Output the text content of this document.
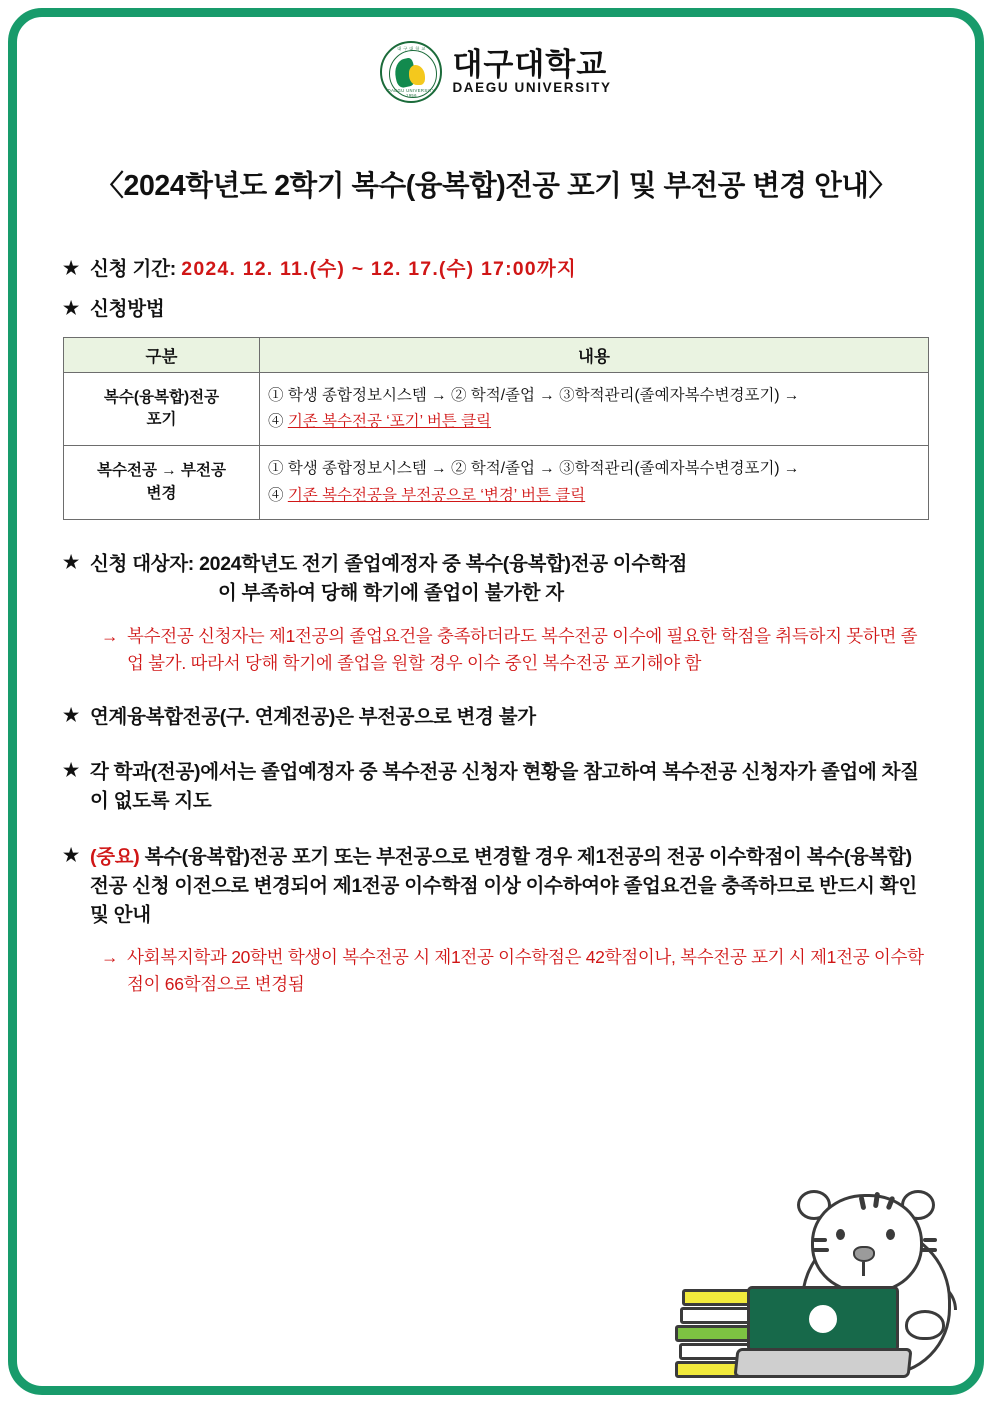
대 구 대 학 교
DAEGU UNIVERSITY 1956
대구대학교
DAEGU UNIVERSITY
〈2024학년도 2학기 복수(융복합)전공 포기 및 부전공 변경 안내〉
★ 신청 기간: 2024. 12. 11.(수) ~ 12. 17.(수) 17:00까지
★ 신청방법
구분	내용
복수(융복합)전공
포기	① 학생 종합정보시스템 → ② 학적/졸업 → ③학적관리(졸예자복수변경포기) →
④ 기존 복수전공 ‘포기’ 버튼 클릭

복수전공 → 부전공
변경	① 학생 종합정보시스템 → ② 학적/졸업 → ③학적관리(졸예자복수변경포기) →
④ 기존 복수전공을 부전공으로 ‘변경’ 버튼 클릭
★ 신청 대상자: 2024학년도 전기 졸업예정자 중 복수(융복합)전공 이수학점
이 부족하여 당해 학기에 졸업이 불가한 자
→ 복수전공 신청자는 제1전공의 졸업요건을 충족하더라도 복수전공 이수에 필요한 학점을 취득하지 못하면 졸업 불가. 따라서 당해 학기에 졸업을 원할 경우 이수 중인 복수전공 포기해야 함
★ 연계융복합전공(구. 연계전공)은 부전공으로 변경 불가
★ 각 학과(전공)에서는 졸업예정자 중 복수전공 신청자 현황을 참고하여 복수전공 신청자가 졸업에 차질이 없도록 지도
★ (중요) 복수(융복합)전공 포기 또는 부전공으로 변경할 경우 제1전공의 전공 이수학점이 복수(융복합)전공 신청 이전으로 변경되어 제1전공 이수학점 이상 이수하여야 졸업요건을 충족하므로 반드시 확인 및 안내
→ 사회복지학과 20학번 학생이 복수전공 시 제1전공 이수학점은 42학점이나, 복수전공 포기 시 제1전공 이수학점이 66학점으로 변경됨
